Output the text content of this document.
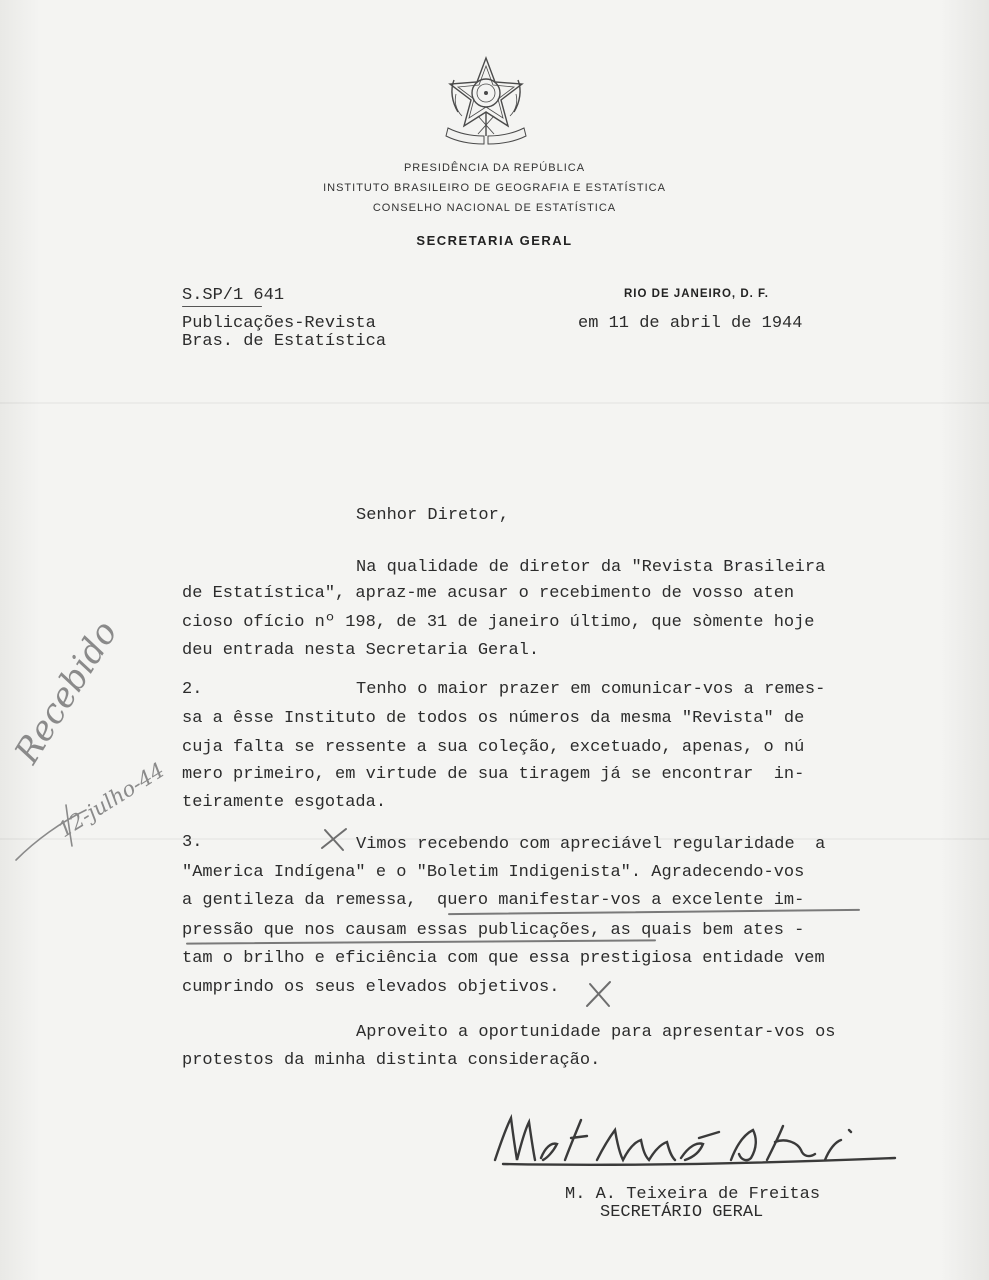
PRESIDÊNCIA DA REPÚBLICA
INSTITUTO BRASILEIRO DE GEOGRAFIA E ESTATÍSTICA
CONSELHO NACIONAL DE ESTATÍSTICA
SECRETARIA GERAL
S.SP/1 641
Publicações-Revista
Bras. de Estatística
RIO DE JANEIRO, D. F.
em 11 de abril de 1944
Senhor Diretor,
Na qualidade de diretor da "Revista Brasileira
de Estatística", apraz-me acusar o recebimento de vosso aten
cioso ofício nº 198, de 31 de janeiro último, que sòmente hoje
deu entrada nesta Secretaria Geral.
2.	Tenho o maior prazer em comunicar-vos a remes-
sa a êsse Instituto de todos os números da mesma "Revista" de
cuja falta se ressente a sua coleção, excetuado, apenas, o nú
mero primeiro, em virtude de sua tiragem já se encontrar  in-
teiramente esgotada.
3.	Vimos recebendo com apreciável regularidade  a
"America Indígena" e o "Boletim Indigenista". Agradecendo-vos
a gentileza da remessa,  quero manifestar-vos a excelente im-
pressão que nos causam essas publicações, as quais bem ates -
tam o brilho e eficiência com que essa prestigiosa entidade vem
cumprindo os seus elevados objetivos.
Aproveito a oportunidade para apresentar-vos os
protestos da minha distinta consideração.
Recebido
12-julho-44
M. A. Teixeira de Freitas
SECRETÁRIO GERAL
